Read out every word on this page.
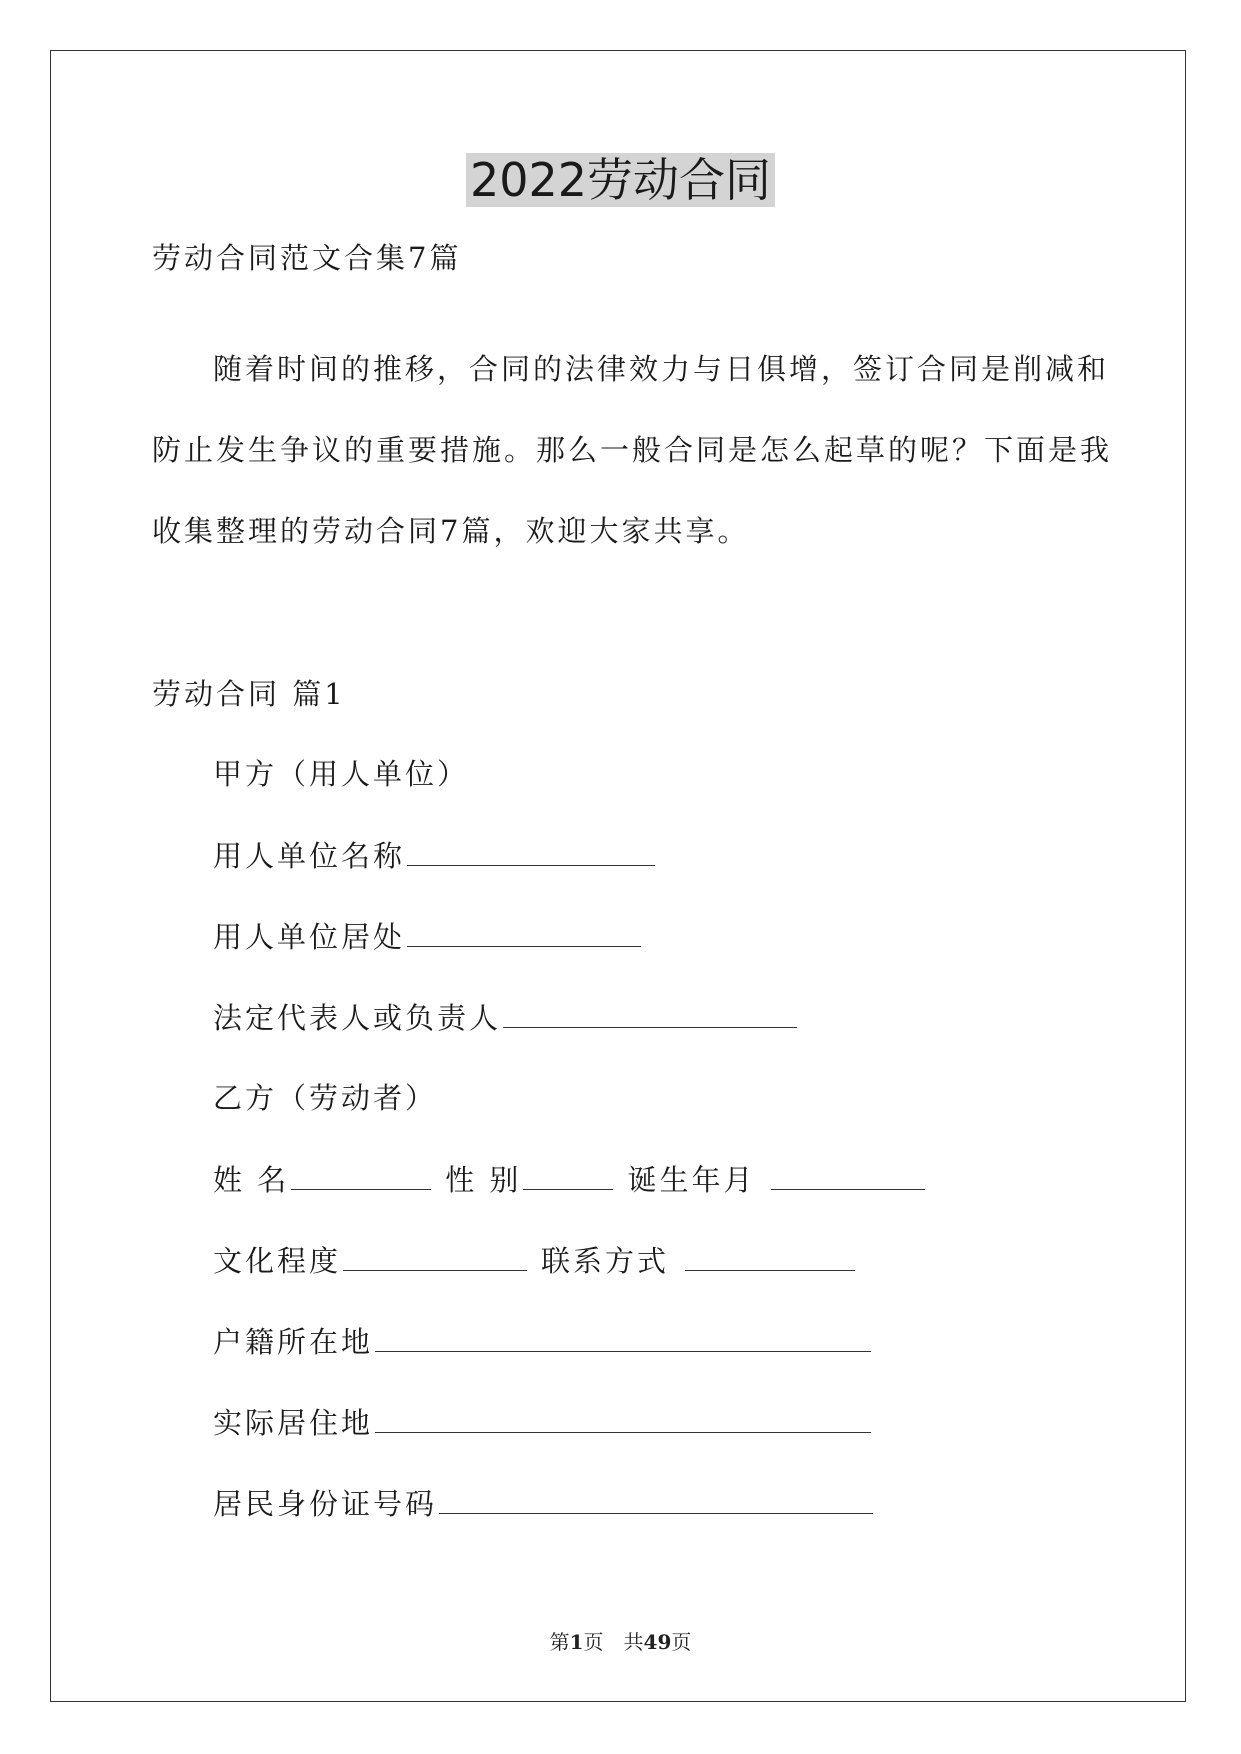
2022劳动合同
劳动合同范文合集7篇
随着时间的推移，合同的法律效力与日俱增，签订合同是削减和
防止发生争议的重要措施。那么一般合同是怎么起草的呢？下面是我
收集整理的劳动合同7篇，欢迎大家共享。
劳动合同 篇1
甲方（用人单位）
用人单位名称
用人单位居处
法定代表人或负责人
乙方（劳动者）
姓 名	性 别	诞生年月
文化程度	联系方式
户籍所在地
实际居住地
居民身份证号码
第1页　共49页
